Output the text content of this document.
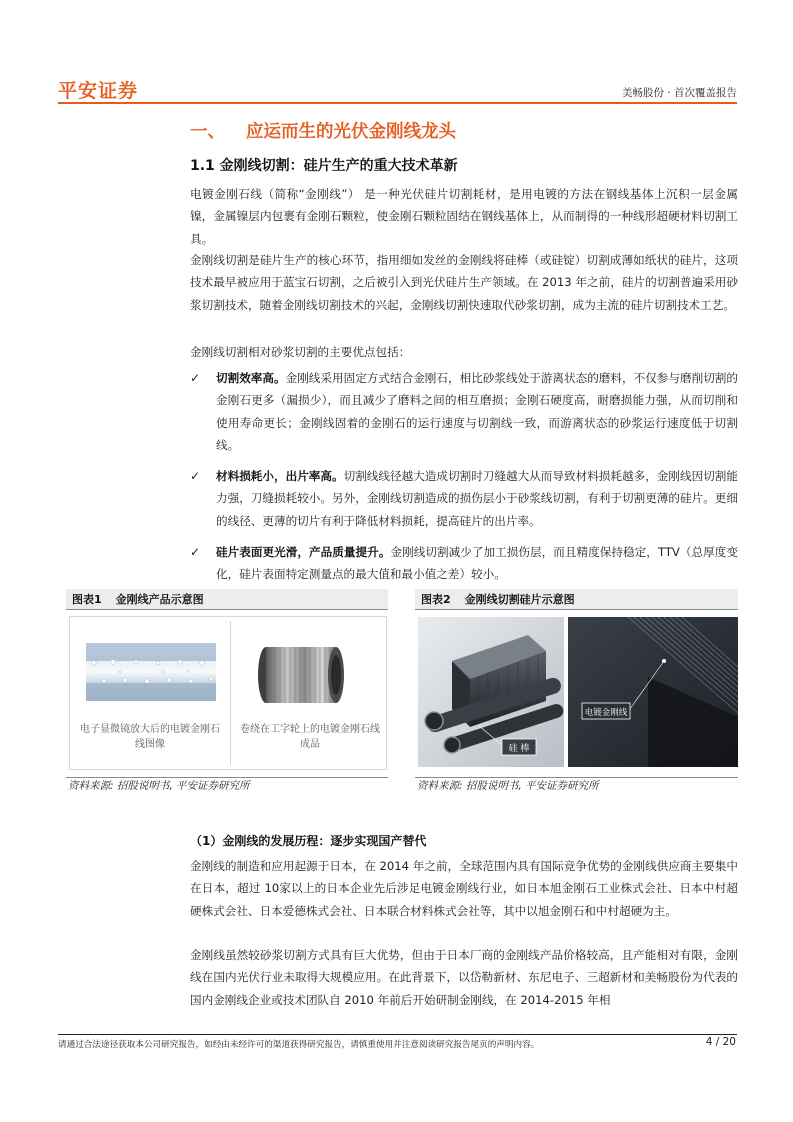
平安证券	美畅股份 · 首次覆盖报告
一、 应运而生的光伏金刚线龙头
1.1 金刚线切割：硅片生产的重大技术革新

电镀金刚石线（简称“金刚线”） 是一种光伏硅片切割耗材，是用电镀的方法在钢线基体上沉积一层金属镍，金属镍层内包裹有金刚石颗粒，使金刚石颗粒固结在钢线基体上，从而制得的一种线形超硬材料切割工具。

金刚线切割是硅片生产的核心环节，指用细如发丝的金刚线将硅棒（或硅锭）切割成薄如纸状的硅片，这项技术最早被应用于蓝宝石切割，之后被引入到光伏硅片生产领域。在 2013 年之前，硅片的切割普遍采用砂浆切割技术，随着金刚线切割技术的兴起，金刚线切割快速取代砂浆切割，成为主流的硅片切割技术工艺。

金刚线切割相对砂浆切割的主要优点包括：

✓ 切割效率高。金刚线采用固定方式结合金刚石，相比砂浆线处于游离状态的磨料，不仅参与磨削切割的金刚石更多（漏损少），而且减少了磨料之间的相互磨损；金刚石硬度高，耐磨损能力强，从而切削和使用寿命更长；金刚线固着的金刚石的运行速度与切割线一致，而游离状态的砂浆运行速度低于切割线。
✓ 材料损耗小，出片率高。切割线线径越大造成切割时刀缝越大从而导致材料损耗越多，金刚线因切割能力强，刀缝损耗较小。另外，金刚线切割造成的损伤层小于砂浆线切割，有利于切割更薄的硅片。更细的线径、更薄的切片有利于降低材料损耗，提高硅片的出片率。
✓ 硅片表面更光滑，产品质量提升。金刚线切割减少了加工损伤层，而且精度保持稳定，TTV（总厚度变化，硅片表面特定测量点的最大值和最小值之差）较小。
图表1 金刚线产品示意图
电子显微镜放大后的电镀金刚石线图像
卷绕在工字轮上的电镀金刚石线成品
资料来源: 招股说明书, 平安证券研究所
图表2 金刚线切割硅片示意图
硅 棒
电镀金刚线
资料来源: 招股说明书, 平安证券研究所
（1）金刚线的发展历程：逐步实现国产替代
金刚线的制造和应用起源于日本，在 2014 年之前，全球范围内具有国际竞争优势的金刚线供应商主要集中在日本，超过 10家以上的日本企业先后涉足电镀金刚线行业，如日本旭金刚石工业株式会社、日本中村超硬株式会社、日本爱德株式会社、日本联合材料株式会社等，其中以旭金刚石和中村超硬为主。
金刚线虽然较砂浆切割方式具有巨大优势，但由于日本厂商的金刚线产品价格较高，且产能相对有限，金刚线在国内光伏行业未取得大规模应用。在此背景下，以岱勒新材、东尼电子、三超新材和美畅股份为代表的国内金刚线企业或技术团队自 2010 年前后开始研制金刚线，在 2014-2015 年相
请通过合法途径获取本公司研究报告，如经由未经许可的渠道获得研究报告，请慎重使用并注意阅读研究报告尾页的声明内容。	4 / 20
